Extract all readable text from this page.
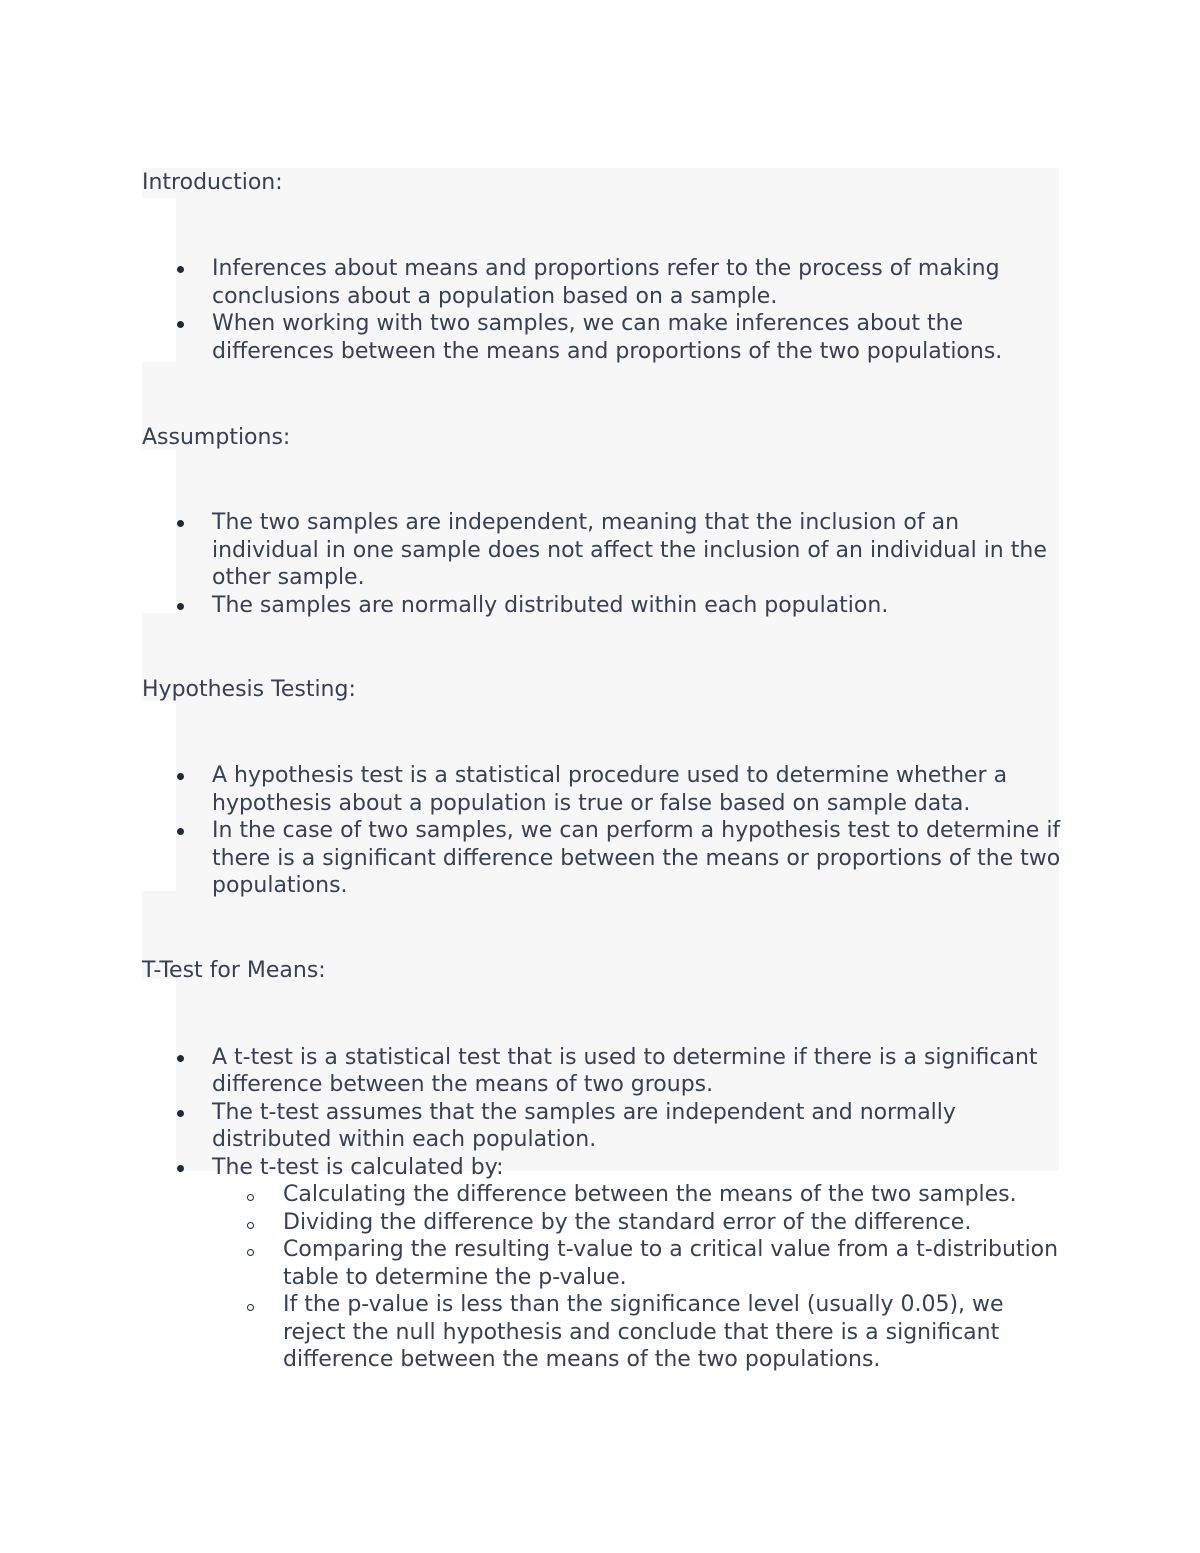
Introduction:

Inferences about means and proportions refer to the process of making conclusions about a population based on a sample.
When working with two samples, we can make inferences about the differences between the means and proportions of the two populations.

Assumptions:

The two samples are independent, meaning that the inclusion of an individual in one sample does not affect the inclusion of an individual in the other sample.
The samples are normally distributed within each population.

Hypothesis Testing:

A hypothesis test is a statistical procedure used to determine whether a hypothesis about a population is true or false based on sample data.
In the case of two samples, we can perform a hypothesis test to determine if there is a significant difference between the means or proportions of the two populations.

T-Test for Means:

A t-test is a statistical test that is used to determine if there is a significant difference between the means of two groups.
The t-test assumes that the samples are independent and normally distributed within each population.
The t-test is calculated by:
Calculating the difference between the means of the two samples.
Dividing the difference by the standard error of the difference.
Comparing the resulting t-value to a critical value from a t-distribution table to determine the p-value.
If the p-value is less than the significance level (usually 0.05), we reject the null hypothesis and conclude that there is a significant difference between the means of the two populations.
